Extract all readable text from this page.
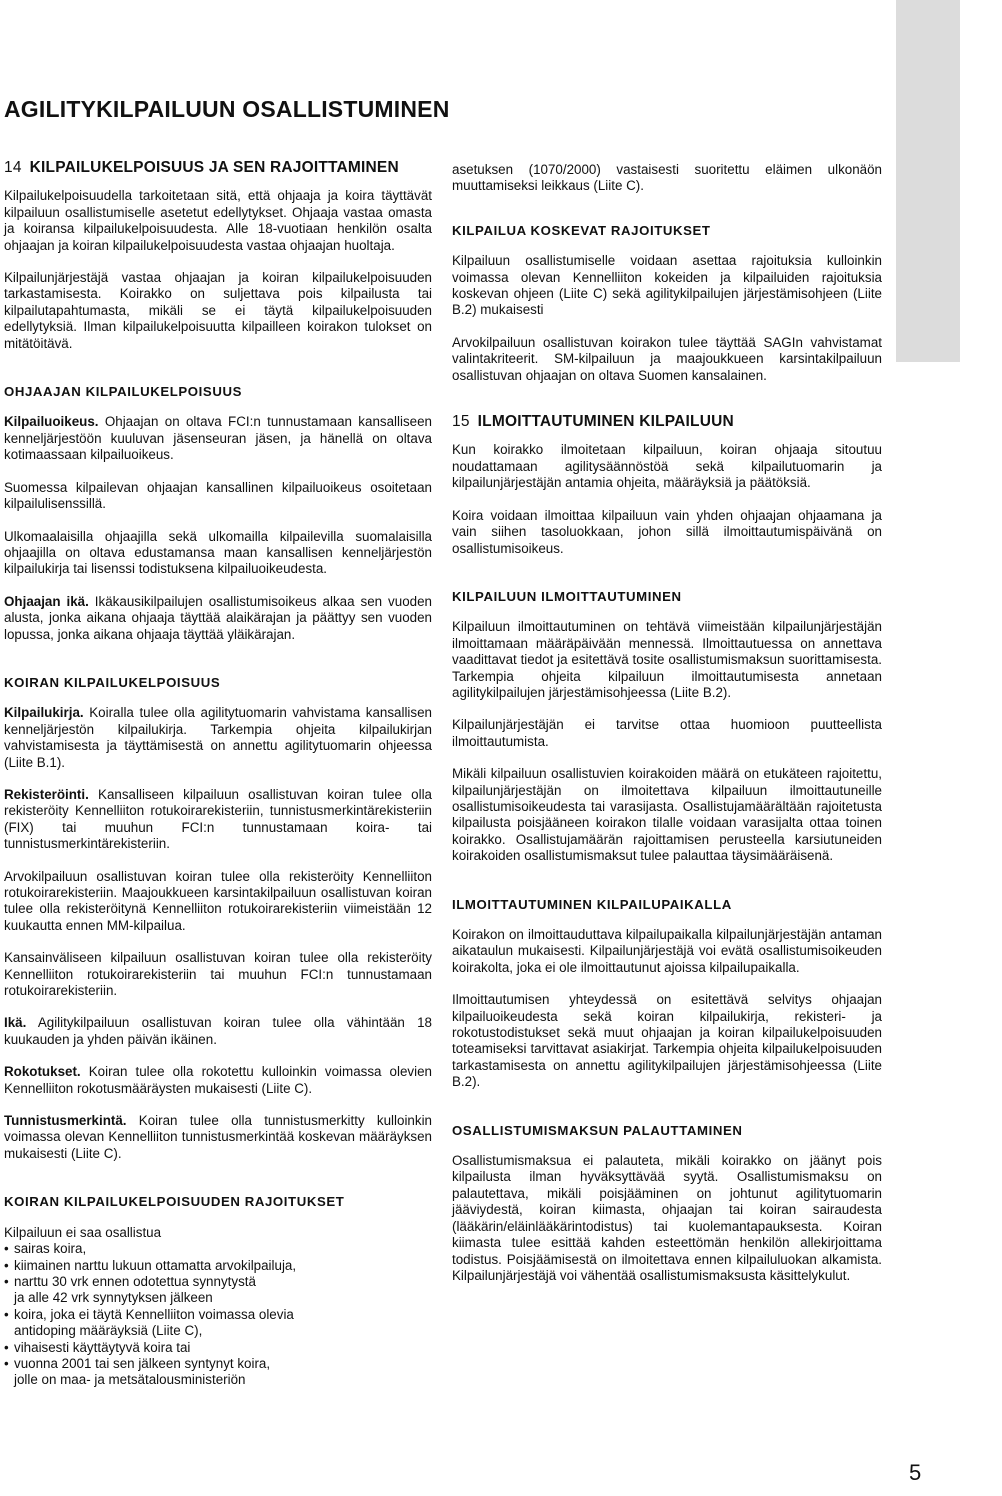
AGILITYKILPAILUUN OSALLISTUMINEN	KILPAILUSÄÄNTÖ
14 KILPAILUKELPOISUUS JA SEN RAJOITTAMINEN

Kilpailukelpoisuudella tarkoitetaan sitä, että ohjaaja ja koira täyttävät kilpailuun osallistumiselle asetetut edellytykset. Ohjaaja vastaa omasta ja koiransa kilpailukelpoisuudesta. Alle 18-vuotiaan henkilön osalta ohjaajan ja koiran kilpailukelpoisuudesta vastaa ohjaajan huoltaja.

Kilpailunjärjestäjä vastaa ohjaajan ja koiran kilpailukelpoisuuden tarkastamisesta. Koirakko on suljettava pois kilpailusta tai kilpailutapahtumasta, mikäli se ei täytä kilpailukelpoisuuden edellytyksiä. Ilman kilpailukelpoisuutta kilpailleen koirakon tulokset on mitätöitävä.

OHJAAJAN KILPAILUKELPOISUUS

Kilpailuoikeus. Ohjaajan on oltava FCI:n tunnustamaan kansalliseen kenneljärjestöön kuuluvan jäsenseuran jäsen, ja hänellä on oltava kotimaassaan kilpailuoikeus.

Suomessa kilpailevan ohjaajan kansallinen kilpailuoikeus osoitetaan kilpailulisenssillä.

Ulkomaalaisilla ohjaajilla sekä ulkomailla kilpailevilla suomalaisilla ohjaajilla on oltava edustamansa maan kansallisen kenneljärjestön kilpailukirja tai lisenssi todistuksena kilpailuoikeudesta.

Ohjaajan ikä. Ikäkausikilpailujen osallistumisoikeus alkaa sen vuoden alusta, jonka aikana ohjaaja täyttää alaikärajan ja päättyy sen vuoden lopussa, jonka aikana ohjaaja täyttää yläikärajan.

KOIRAN KILPAILUKELPOISUUS

Kilpailukirja. Koiralla tulee olla agilitytuomarin vahvistama kansallisen kenneljärjestön kilpailukirja. Tarkempia ohjeita kilpailukirjan vahvistamisesta ja täyttämisestä on annettu agilitytuomarin ohjeessa (Liite B.1).

Rekisteröinti. Kansalliseen kilpailuun osallistuvan koiran tulee olla rekisteröity Kennelliiton rotukoirarekisteriin, tunnistusmerkintärekisteriin (FIX) tai muuhun FCI:n tunnustamaan koira- tai tunnistusmerkintärekisteriin.

Arvokilpailuun osallistuvan koiran tulee olla rekisteröity Kennelliiton rotukoirarekisteriin. Maajoukkueen karsintakilpailuun osallistuvan koiran tulee olla rekisteröitynä Kennelliiton rotukoirarekisteriin viimeistään 12 kuukautta ennen MM-kilpailua.

Kansainväliseen kilpailuun osallistuvan koiran tulee olla rekisteröity Kennelliiton rotukoirarekisteriin tai muuhun FCI:n tunnustamaan rotukoirarekisteriin.

Ikä. Agilitykilpailuun osallistuvan koiran tulee olla vähintään 18 kuukauden ja yhden päivän ikäinen.

Rokotukset. Koiran tulee olla rokotettu kulloinkin voimassa olevien Kennelliiton rokotusmääräysten mukaisesti (Liite C).

Tunnistusmerkintä. Koiran tulee olla tunnistusmerkitty kulloinkin voimassa olevan Kennelliiton tunnistusmerkintää koskevan määräyksen mukaisesti (Liite C).

KOIRAN KILPAILUKELPOISUUDEN RAJOITUKSET

Kilpailuun ei saa osallistua

• sairas koira,
• kiimainen narttu lukuun ottamatta arvokilpailuja,
• narttu 30 vrk ennen odotettua synnytystä
ja alle 42 vrk synnytyksen jälkeen
• koira, joka ei täytä Kennelliiton voimassa olevia
antidoping määräyksiä (Liite C),
• vihaisesti käyttäytyvä koira tai
• vuonna 2001 tai sen jälkeen syntynyt koira,
jolle on maa- ja metsätalousministeriön

asetuksen (1070/2000) vastaisesti suoritettu eläimen ulkonäön muuttamiseksi leikkaus (Liite C).

KILPAILUA KOSKEVAT RAJOITUKSET

Kilpailuun osallistumiselle voidaan asettaa rajoituksia kulloinkin voimassa olevan Kennelliiton kokeiden ja kilpailuiden rajoituksia koskevan ohjeen (Liite C) sekä agilitykilpailujen järjestämisohjeen (Liite B.2) mukaisesti

Arvokilpailuun osallistuvan koirakon tulee täyttää SAGIn vahvistamat valintakriteerit. SM-kilpailuun ja maajoukkueen karsintakilpailuun osallistuvan ohjaajan on oltava Suomen kansalainen.

15 ILMOITTAUTUMINEN KILPAILUUN

Kun koirakko ilmoitetaan kilpailuun, koiran ohjaaja sitoutuu noudattamaan agilitysäännöstöä sekä kilpailutuomarin ja kilpailunjärjestäjän antamia ohjeita, määräyksiä ja päätöksiä.

Koira voidaan ilmoittaa kilpailuun vain yhden ohjaajan ohjaamana ja vain siihen tasoluokkaan, johon sillä ilmoittautumispäivänä on osallistumisoikeus.

KILPAILUUN ILMOITTAUTUMINEN

Kilpailuun ilmoittautuminen on tehtävä viimeistään kilpailunjärjestäjän ilmoittamaan määräpäivään mennessä. Ilmoittautuessa on annettava vaadittavat tiedot ja esitettävä tosite osallistumismaksun suorittamisesta. Tarkempia ohjeita kilpailuun ilmoittautumisesta annetaan agilitykilpailujen järjestämisohjeessa (Liite B.2).

Kilpailunjärjestäjän ei tarvitse ottaa huomioon puutteellista ilmoittautumista.

Mikäli kilpailuun osallistuvien koirakoiden määrä on etukäteen rajoitettu, kilpailunjärjestäjän on ilmoitettava kilpailuun ilmoittautuneille osallistumisoikeudesta tai varasijasta. Osallistujamäärältään rajoitetusta kilpailusta poisjääneen koirakon tilalle voidaan varasijalta ottaa toinen koirakko. Osallistujamäärän rajoittamisen perusteella karsiutuneiden koirakoiden osallistumismaksut tulee palauttaa täysimääräisenä.

ILMOITTAUTUMINEN KILPAILUPAIKALLA

Koirakon on ilmoittauduttava kilpailupaikalla kilpailunjärjestäjän antaman aikataulun mukaisesti. Kilpailunjärjestäjä voi evätä osallistumisoikeuden koirakolta, joka ei ole ilmoittautunut ajoissa kilpailupaikalla.

Ilmoittautumisen yhteydessä on esitettävä selvitys ohjaajan kilpailuoikeudesta sekä koiran kilpailukirja, rekisteri- ja rokotustodistukset sekä muut ohjaajan ja koiran kilpailukelpoisuuden toteamiseksi tarvittavat asiakirjat. Tarkempia ohjeita kilpailukelpoisuuden tarkastamisesta on annettu agilitykilpailujen järjestämisohjeessa (Liite B.2).

OSALLISTUMISMAKSUN PALAUTTAMINEN

Osallistumismaksua ei palauteta, mikäli koirakko on jäänyt pois kilpailusta ilman hyväksyttävää syytä. Osallistumismaksu on palautettava, mikäli poisjääminen on johtunut agilitytuomarin jääviydestä, koiran kiimasta, ohjaajan tai koiran sairaudesta (lääkärin/eläinlääkärintodistus) tai kuolemantapauksesta. Koiran kiimasta tulee esittää kahden esteettömän henkilön allekirjoittama todistus. Poisjäämisestä on ilmoitettava ennen kilpailuluokan alkamista. Kilpailunjärjestäjä voi vähentää osallistumismaksusta käsittelykulut.

5
